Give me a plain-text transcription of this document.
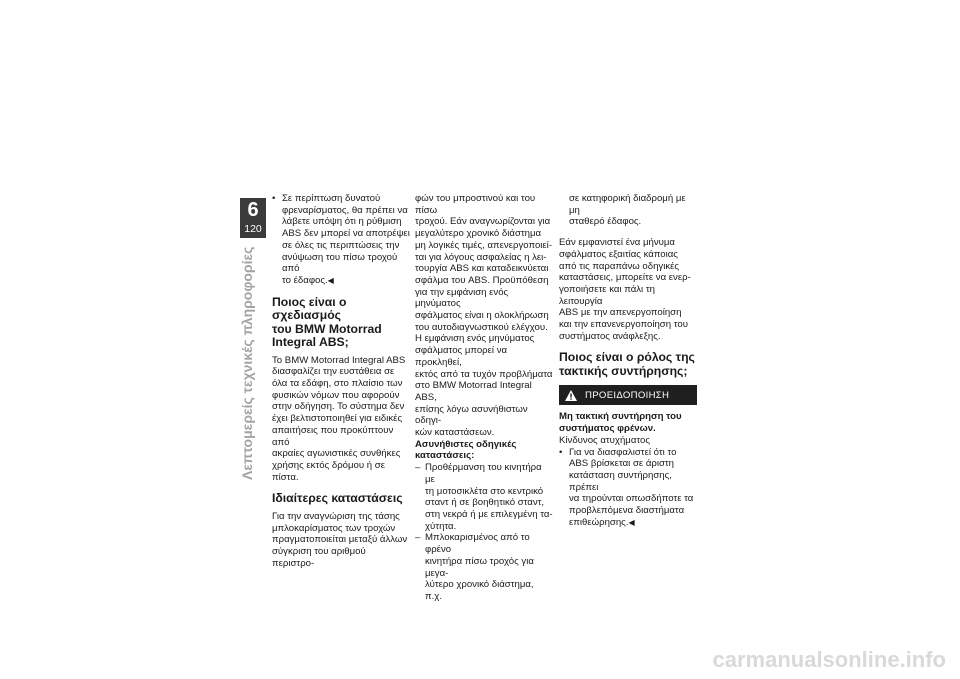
6
120
Λεπτομερείς τεχνικές πληροφορίες
• Σε περίπτωση δυνατού
φρεναρίσματος, θα πρέπει να
λάβετε υπόψη ότι η ρύθμιση
ABS δεν μπορεί να αποτρέψει
σε όλες τις περιπτώσεις την
ανύψωση του πίσω τροχού από
το έδαφος.◀
Ποιος είναι ο σχεδιασμός
του BMW Motorrad
Integral ABS;
Το BMW Motorrad Integral ABS
διασφαλίζει την ευστάθεια σε
όλα τα εδάφη, στο πλαίσιο των
φυσικών νόμων που αφορούν
στην οδήγηση. Το σύστημα δεν
έχει βελτιστοποιηθεί για ειδικές
απαιτήσεις που προκύπτουν από
ακραίες αγωνιστικές συνθήκες
χρήσης εκτός δρόμου ή σε πίστα.
Ιδιαίτερες καταστάσεις
Για την αναγνώριση της τάσης
μπλοκαρίσματος των τροχών
πραγματοποιείται μεταξύ άλλων
σύγκριση του αριθμού περιστρο-
φών του μπροστινού και του πίσω
τροχού. Εάν αναγνωρίζονται για
μεγαλύτερο χρονικό διάστημα
μη λογικές τιμές, απενεργοποιεί-
ται για λόγους ασφαλείας η λει-
τουργία ABS και καταδεικνύεται
σφάλμα του ABS. Προϋπόθεση
για την εμφάνιση ενός μηνύματος
σφάλματος είναι η ολοκλήρωση
του αυτοδιαγνωστικού ελέγχου.
Η εμφάνιση ενός μηνύματος
σφάλματος μπορεί να προκληθεί,
εκτός από τα τυχόν προβλήματα
στο BMW Motorrad Integral ABS,
επίσης λόγω ασυνήθιστων οδηγι-
κών καταστάσεων.
Ασυνήθιστες οδηγικές
καταστάσεις:
– Προθέρμανση του κινητήρα με
τη μοτοσικλέτα στο κεντρικό
σταντ ή σε βοηθητικό σταντ,
στη νεκρά ή με επιλεγμένη τα-
χύτητα.
– Μπλοκαρισμένος από το φρένο
κινητήρα πίσω τροχός για μεγα-
λύτερο χρονικό διάστημα, π.χ.
σε κατηφορική διαδρομή με μη
σταθερό έδαφος.
Εάν εμφανιστεί ένα μήνυμα
σφάλματος εξαιτίας κάποιας
από τις παραπάνω οδηγικές
καταστάσεις, μπορείτε να ενερ-
γοποιήσετε και πάλι τη λειτουργία
ABS με την απενεργοποίηση
και την επανενεργοποίηση του
συστήματος ανάφλεξης.
Ποιος είναι ο ρόλος της
τακτικής συντήρησης;
ΠΡΟΕΙΔΟΠΟΙΗΣΗ
Μη τακτική συντήρηση του
συστήματος φρένων.
Κίνδυνος ατυχήματος
• Για να διασφαλιστεί ότι το
ABS βρίσκεται σε άριστη
κατάσταση συντήρησης, πρέπει
να τηρούνται οπωσδήποτε τα
προβλεπόμενα διαστήματα
επιθεώρησης.◀
carmanualsonline.info
